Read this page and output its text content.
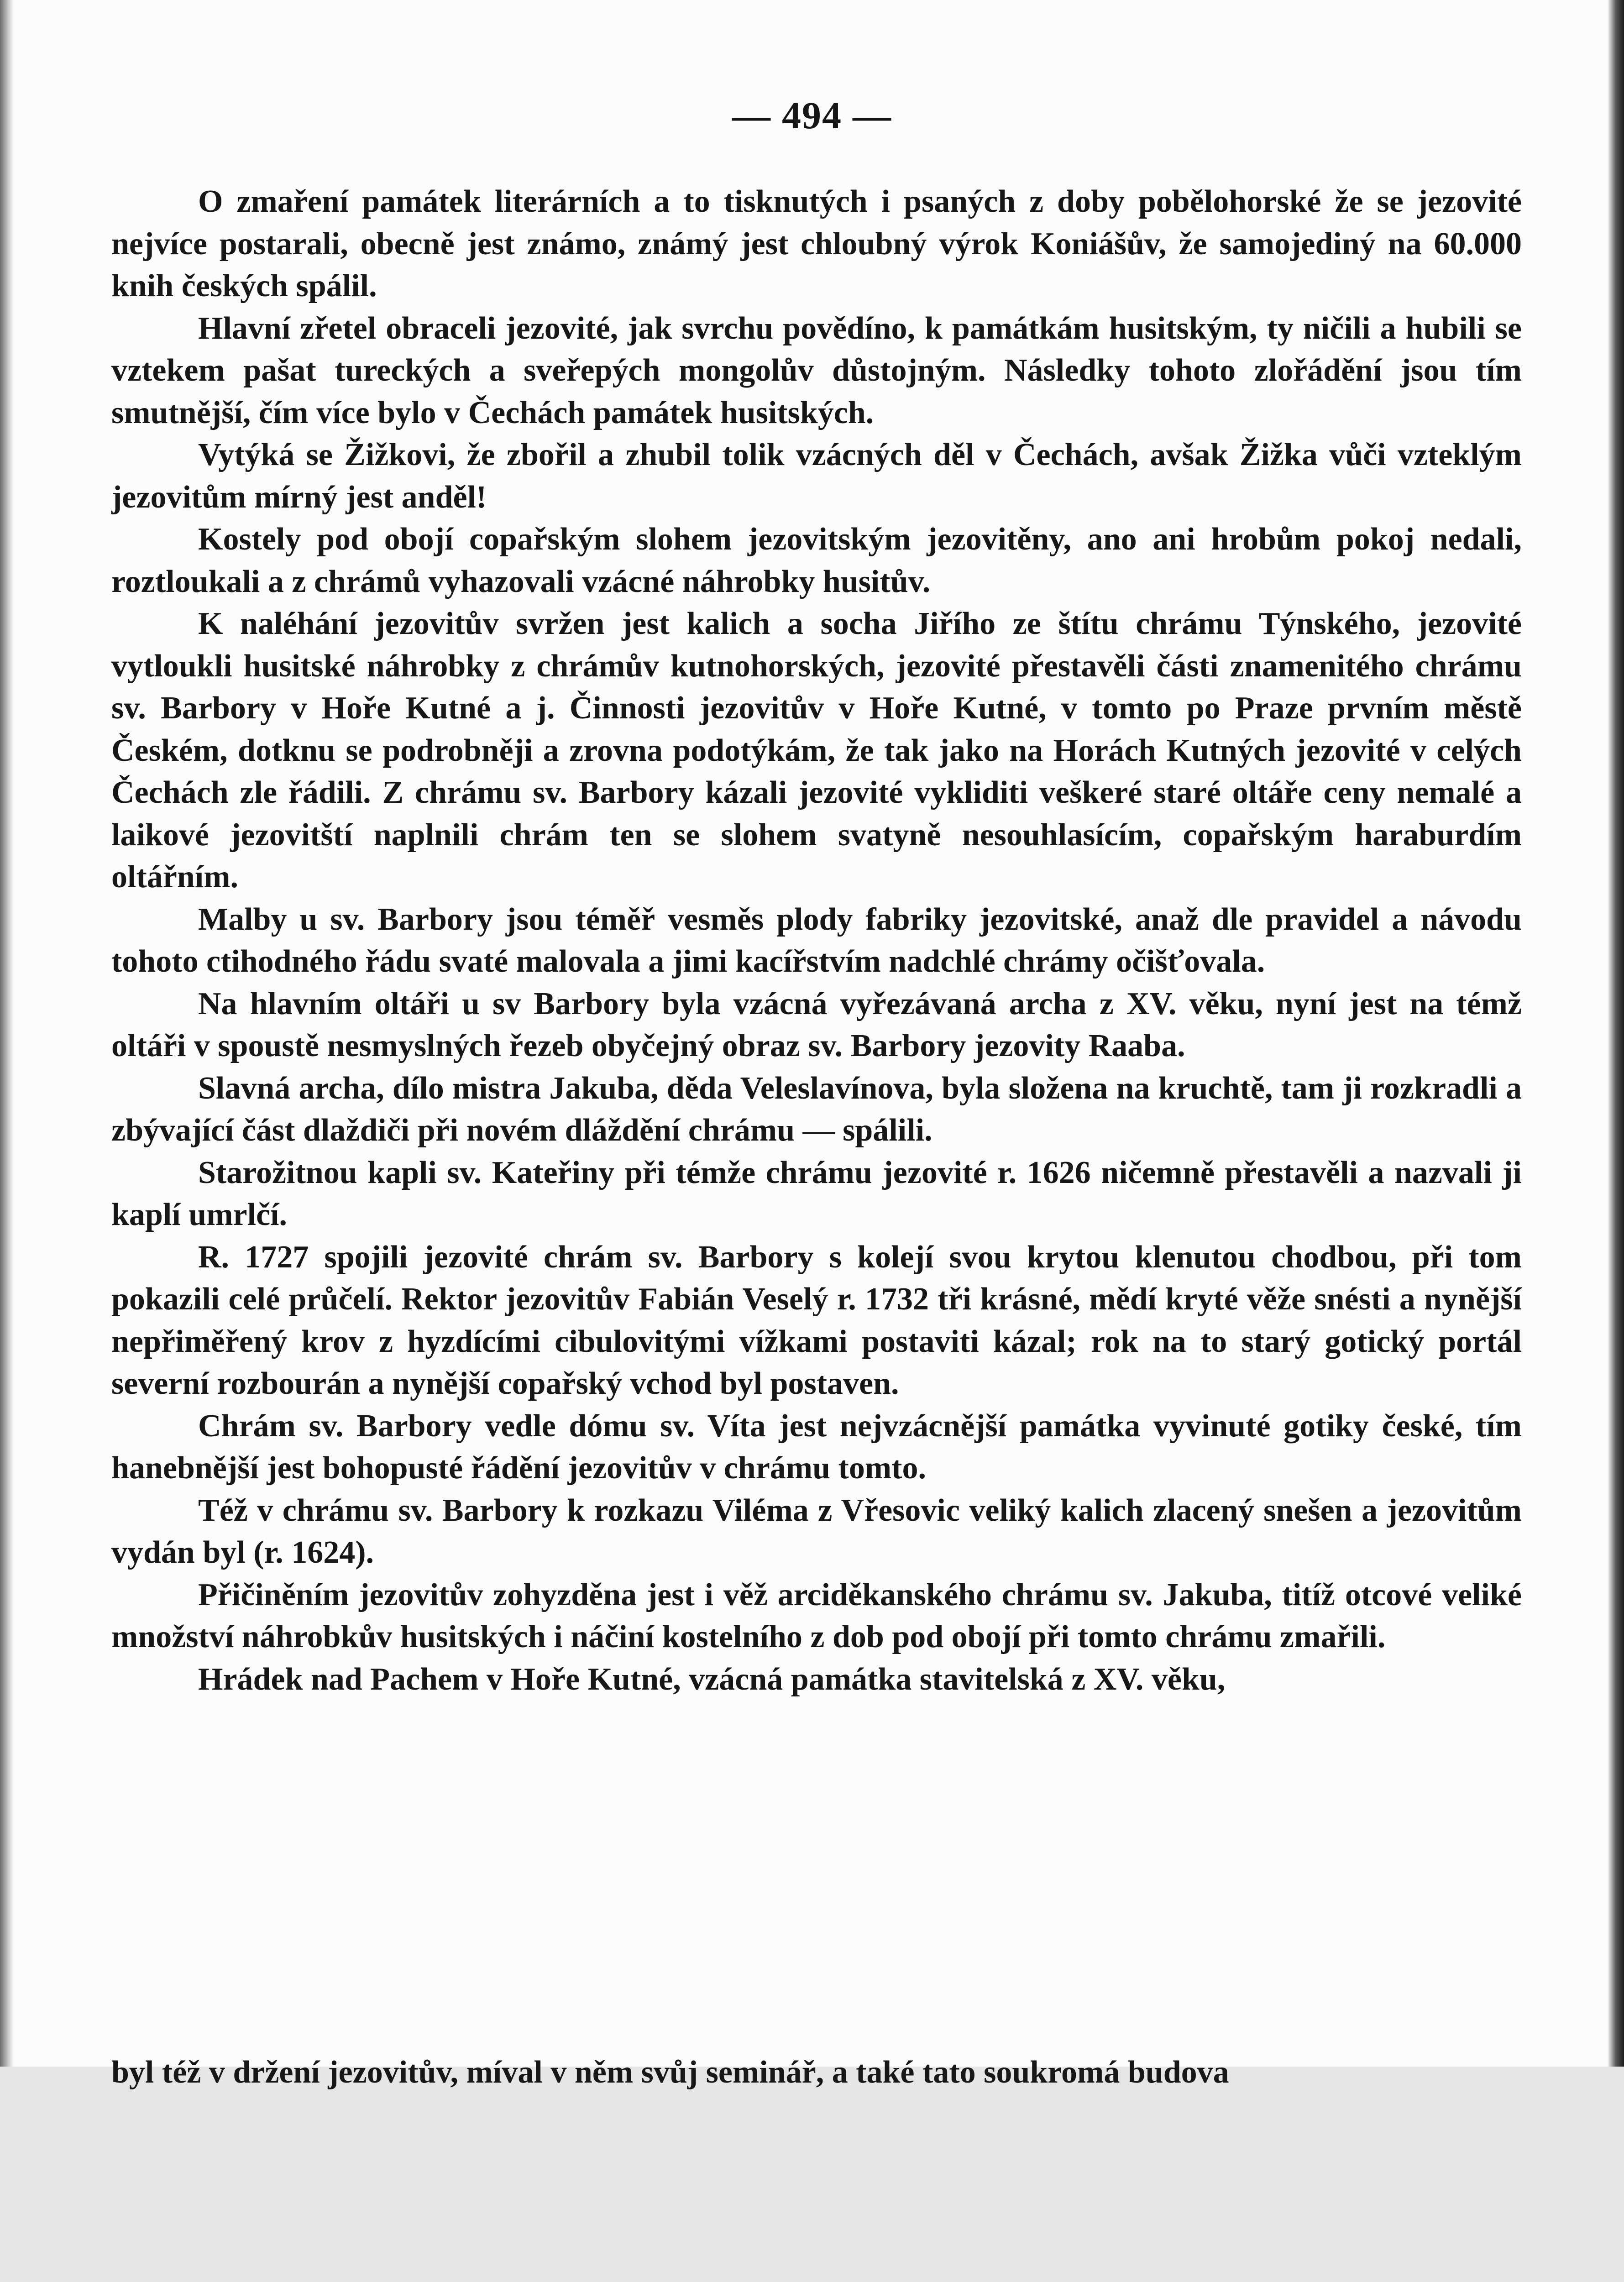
— 494 —

O zmaření památek literárních a to tisknutých i psaných z doby pobělohorské že se jezovité nejvíce postarali, obecně jest známo, známý jest chloubný výrok Koniášův, že samojediný na 60.000 knih českých spálil.

Hlavní zřetel obraceli jezovité, jak svrchu povědíno, k památkám husitským, ty ničili a hubili se vztekem pašat tureckých a sveřepých mongolův důstojným. Následky tohoto zlořádění jsou tím smutnější, čím více bylo v Čechách památek husitských.

Vytýká se Žižkovi, že zbořil a zhubil tolik vzácných děl v Čechách, avšak Žižka vůči vzteklým jezovitům mírný jest anděl!

Kostely pod obojí copařským slohem jezovitským jezovitěny, ano ani hrobům pokoj nedali, roztloukali a z chrámů vyhazovali vzácné náhrobky husitův.

K naléhání jezovitův svržen jest kalich a socha Jiřího ze štítu chrámu Týnského, jezovité vytloukli husitské náhrobky z chrámův kutnohorských, jezovité přestavěli části znamenitého chrámu sv. Barbory v Hoře Kutné a j. Činnosti jezovitův v Hoře Kutné, v tomto po Praze prvním městě Českém, dotknu se podrobněji a zrovna podotýkám, že tak jako na Horách Kutných jezovité v celých Čechách zle řádili. Z chrámu sv. Barbory kázali jezovité vykliditi veškeré staré oltáře ceny nemalé a laikové jezovitští naplnili chrám ten se slohem svatyně nesouhlasícím, copařským haraburdím oltářním.

Malby u sv. Barbory jsou téměř vesměs plody fabriky jezovitské, anaž dle pravidel a návodu tohoto ctihodného řádu svaté malovala a jimi kacířstvím nadchlé chrámy očišťovala.

Na hlavním oltáři u sv Barbory byla vzácná vyřezávaná archa z XV. věku, nyní jest na témž oltáři v spoustě nesmyslných řezeb obyčejný obraz sv. Barbory jezovity Raaba.

Slavná archa, dílo mistra Jakuba, děda Veleslavínova, byla složena na kruchtě, tam ji rozkradli a zbývající část dlaždiči při novém dláždění chrámu — spálili.

Starožitnou kapli sv. Kateřiny při témže chrámu jezovité r. 1626 ničemně přestavěli a nazvali ji kaplí umrlčí.

R. 1727 spojili jezovité chrám sv. Barbory s kolejí svou krytou klenutou chodbou, při tom pokazili celé průčelí. Rektor jezovitův Fabián Veselý r. 1732 tři krásné, mědí kryté věže snésti a nynější nepřiměřený krov z hyzdícími cibulovitými vížkami postaviti kázal; rok na to starý gotický portál severní rozbourán a nynější copařský vchod byl postaven.

Chrám sv. Barbory vedle dómu sv. Víta jest nejvzácnější památka vyvinuté gotiky české, tím hanebnější jest bohopusté řádění jezovitův v chrámu tomto.

Též v chrámu sv. Barbory k rozkazu Viléma z Vřesovic veliký kalich zlacený snešen a jezovitům vydán byl (r. 1624).

Přičiněním jezovitův zohyzděna jest i věž arciděkanského chrámu sv. Jakuba, titíž otcové veliké množství náhrobkův husitských i náčiní kostelního z dob pod obojí při tomto chrámu zmařili.

Hrádek nad Pachem v Hoře Kutné, vzácná památka stavitelská z XV. věku,

byl též v držení jezovitův, míval v něm svůj seminář, a také tato soukromá budova
